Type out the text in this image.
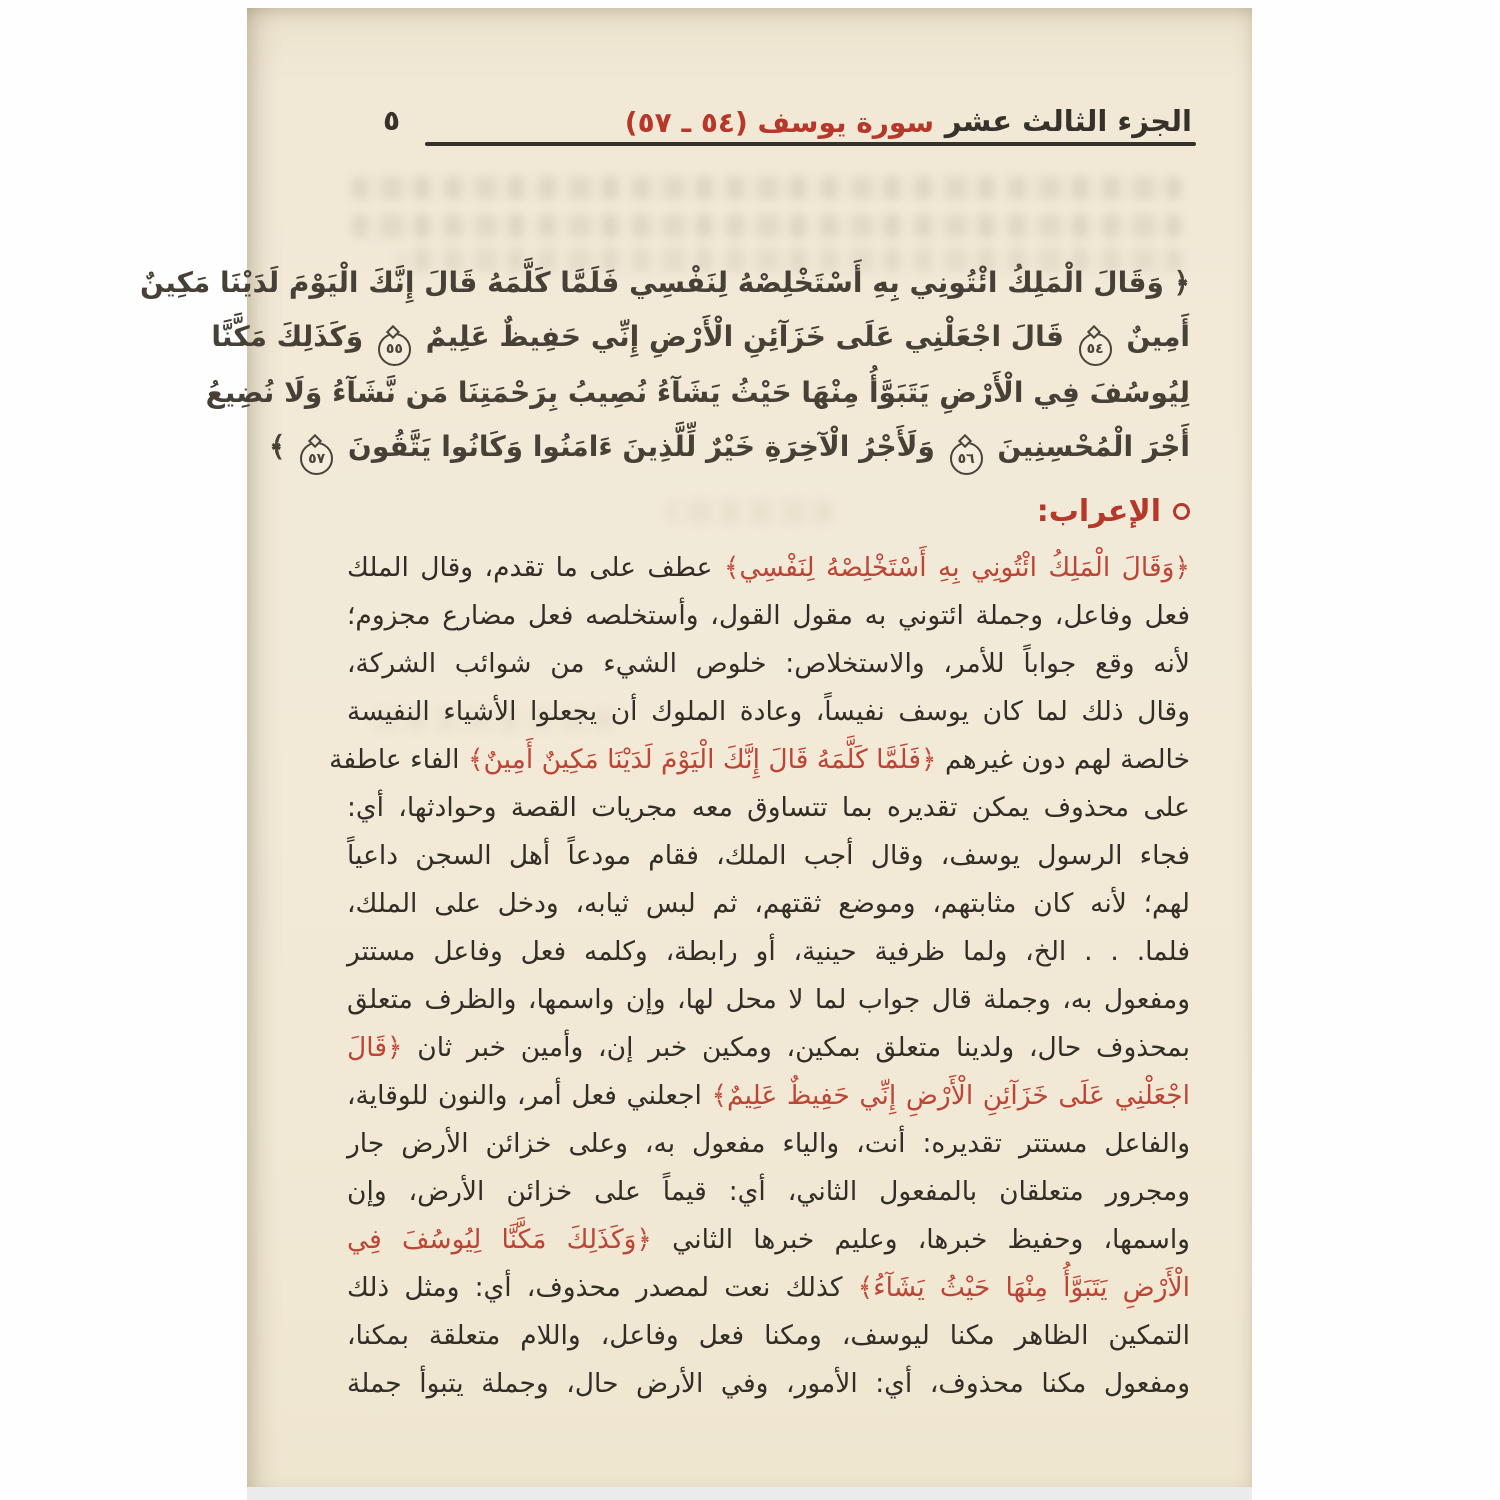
الجزء الثالث عشر
سورة يوسف (٥٤ ـ ٥٧)
٥
﴿ وَقَالَ الْمَلِكُ ائْتُونِي بِهِ أَسْتَخْلِصْهُ لِنَفْسِي فَلَمَّا كَلَّمَهُ قَالَ إِنَّكَ الْيَوْمَ لَدَيْنَا مَكِينٌ
أَمِينٌ ٥٤ قَالَ اجْعَلْنِي عَلَى خَزَآئِنِ الْأَرْضِ إِنِّي حَفِيظٌ عَلِيمٌ ٥٥ وَكَذَلِكَ مَكَّنَّا
لِيُوسُفَ فِي الْأَرْضِ يَتَبَوَّأُ مِنْهَا حَيْثُ يَشَآءُ نُصِيبُ بِرَحْمَتِنَا مَن نَّشَآءُ وَلَا نُضِيعُ
أَجْرَ الْمُحْسِنِينَ ٥٦ وَلَأَجْرُ الْآخِرَةِ خَيْرٌ لِّلَّذِينَ ءَامَنُوا وَكَانُوا يَتَّقُونَ ٥٧ ﴾
الإعراب:
﴿وَقَالَ الْمَلِكُ ائْتُونِي بِهِ أَسْتَخْلِصْهُ لِنَفْسِي﴾ عطف على ما تقدم، وقال الملك
فعل وفاعل، وجملة ائتوني به مقول القول، وأستخلصه فعل مضارع مجزوم؛
لأنه وقع جواباً للأمر، والاستخلاص: خلوص الشيء من شوائب الشركة،
وقال ذلك لما كان يوسف نفيساً، وعادة الملوك أن يجعلوا الأشياء النفيسة
خالصة لهم دون غيرهم ﴿فَلَمَّا كَلَّمَهُ قَالَ إِنَّكَ الْيَوْمَ لَدَيْنَا مَكِينٌ أَمِينٌ﴾ الفاء عاطفة
على محذوف يمكن تقديره بما تتساوق معه مجريات القصة وحوادثها، أي:
فجاء الرسول يوسف، وقال أجب الملك، فقام مودعاً أهل السجن داعياً
لهم؛ لأنه كان مثابتهم، وموضع ثقتهم، ثم لبس ثيابه، ودخل على الملك،
فلما. . . الخ، ولما ظرفية حينية، أو رابطة، وكلمه فعل وفاعل مستتر
ومفعول به، وجملة قال جواب لما لا محل لها، وإن واسمها، والظرف متعلق
بمحذوف حال، ولدينا متعلق بمكين، ومكين خبر إن، وأمين خبر ثان ﴿قَالَ
اجْعَلْنِي عَلَى خَزَآئِنِ الْأَرْضِ إِنِّي حَفِيظٌ عَلِيمٌ﴾ اجعلني فعل أمر، والنون للوقاية،
والفاعل مستتر تقديره: أنت، والياء مفعول به، وعلى خزائن الأرض جار
ومجرور متعلقان بالمفعول الثاني، أي: قيماً على خزائن الأرض، وإن
واسمها، وحفيظ خبرها، وعليم خبرها الثاني ﴿وَكَذَلِكَ مَكَّنَّا لِيُوسُفَ فِي
الْأَرْضِ يَتَبَوَّأُ مِنْهَا حَيْثُ يَشَآءُ﴾ كذلك نعت لمصدر محذوف، أي: ومثل ذلك
التمكين الظاهر مكنا ليوسف، ومكنا فعل وفاعل، واللام متعلقة بمكنا،
ومفعول مكنا محذوف، أي: الأمور، وفي الأرض حال، وجملة يتبوأ جملة
